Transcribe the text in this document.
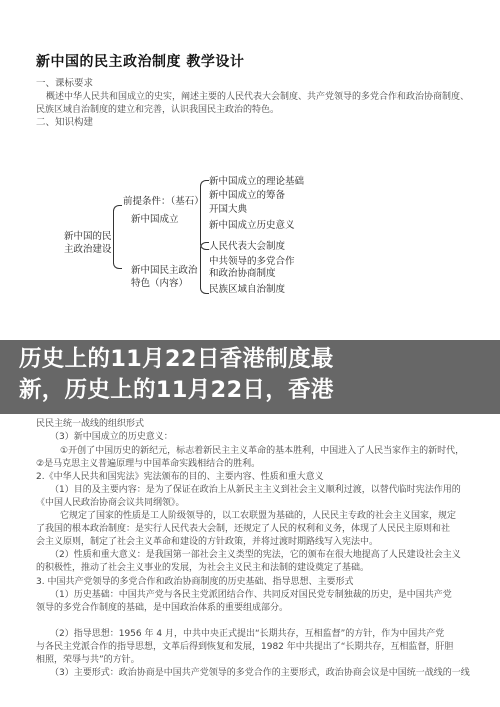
新中国的民主政治制度 教学设计
一、课标要求
概述中华人民共和国成立的史实，阐述主要的人民代表大会制度、共产党领导的多党合作和政治协商制度、
民族区域自治制度的建立和完善，认识我国民主政治的特色。
二、知识构建
新中国的民
主政治建设
前提条件：（基石）
新中国成立
新中国民主政治
特色（内容）
新中国成立的理论基础
新中国成立的筹备
开国大典
新中国成立历史意义
人民代表大会制度
中共领导的多党合作
和政治协商制度
民族区域自治制度
民民主统一战线的组织形式
（3）新中国成立的历史意义：
①开创了中国历史的新纪元，标志着新民主主义革命的基本胜利，中国进入了人民当家作主的新时代，
②是马克思主义普遍原理与中国革命实践相结合的胜利。
2.《中华人民共和国宪法》宪法颁布的目的、主要内容、性质和重大意义
（1）目的及主要内容：是为了保证在政治上从新民主主义到社会主义顺利过渡，以替代临时宪法作用的
《中国人民政治协商会议共同纲领》。
它规定了国家的性质是工人阶级领导的，以工农联盟为基础的，人民民主专政的社会主义国家，规定
了我国的根本政治制度：是实行人民代表大会制，还规定了人民的权利和义务，体现了人民民主原则和社
会主义原则，制定了社会主义革命和建设的方针政策，并将过渡时期路线写入宪法中。
（2）性质和重大意义：是我国第一部社会主义类型的宪法，它的颁布在很大地提高了人民建设社会主义
的积极性，推动了社会主义事业的发展，为社会主义民主和法制的建设奠定了基础。
3. 中国共产党领导的多党合作和政治协商制度的历史基础、指导思想、主要形式
（1）历史基础：中国共产党与各民主党派团结合作、共同反对国民党专制独裁的历史，是中国共产党
领导的多党合作制度的基础，是中国政治体系的重要组成部分。
（2）指导思想：1956 年 4 月，中共中央正式提出“长期共存，互相监督”的方针，作为中国共产党
与各民主党派合作的指导思想，文革后得到恢复和发展，1982 年中共提出了“长期共存，互相监督，肝胆
相照，荣辱与共”的方针。
（3）主要形式：政治协商是中国共产党领导的多党合作的主要形式，政治协商会议是中国统一战线的一线
历史上的11月22日香港制度最
新，历史上的11月22日，香港
